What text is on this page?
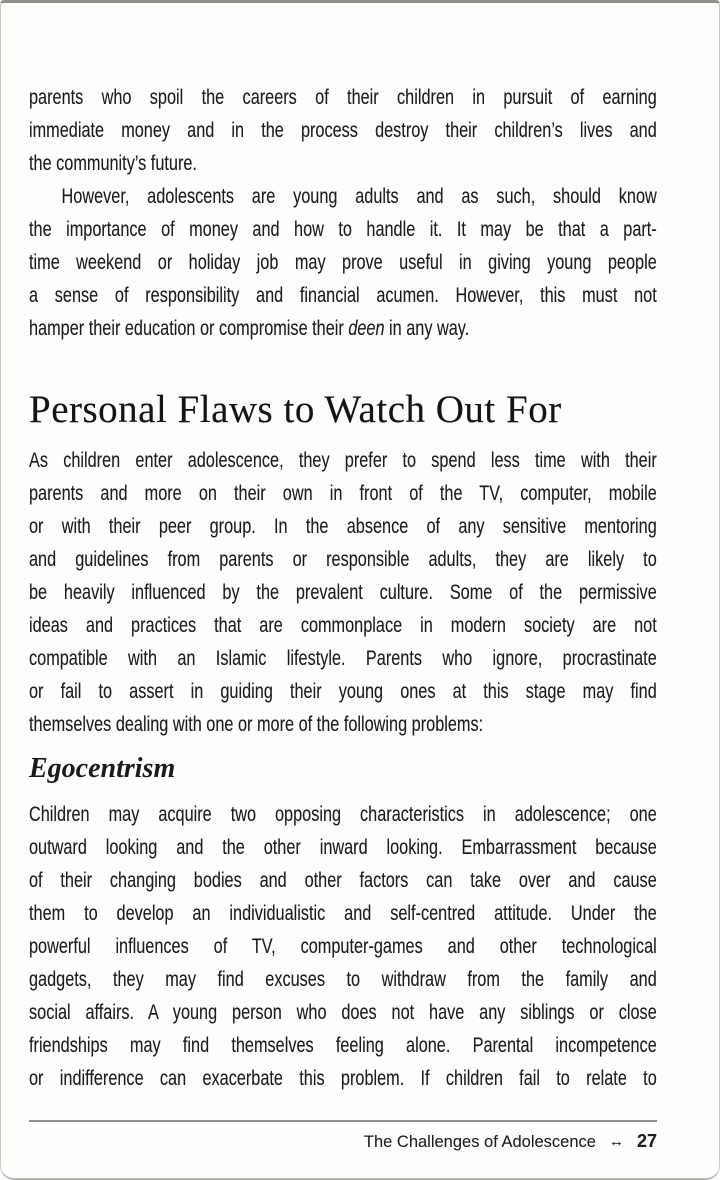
parents who spoil the careers of their children in pursuit of earning
immediate money and in the process destroy their children’s lives and
the community’s future.
However, adolescents are young adults and as such, should know
the importance of money and how to handle it. It may be that a part-
time weekend or holiday job may prove useful in giving young people
a sense of responsibility and financial acumen. However, this must not
hamper their education or compromise their deen in any way.
Personal Flaws to Watch Out For
As children enter adolescence, they prefer to spend less time with their
parents and more on their own in front of the TV, computer, mobile
or with their peer group. In the absence of any sensitive mentoring
and guidelines from parents or responsible adults, they are likely to
be heavily influenced by the prevalent culture. Some of the permissive
ideas and practices that are commonplace in modern society are not
compatible with an Islamic lifestyle. Parents who ignore, procrastinate
or fail to assert in guiding their young ones at this stage may find
themselves dealing with one or more of the following problems:
Egocentrism
Children may acquire two opposing characteristics in adolescence; one
outward looking and the other inward looking. Embarrassment because
of their changing bodies and other factors can take over and cause
them to develop an individualistic and self-centred attitude. Under the
powerful influences of TV, computer-games and other technological
gadgets, they may find excuses to withdraw from the family and
social affairs. A young person who does not have any siblings or close
friendships may find themselves feeling alone. Parental incompetence
or indifference can exacerbate this problem. If children fail to relate to
The Challenges of Adolescence ↔ 27
